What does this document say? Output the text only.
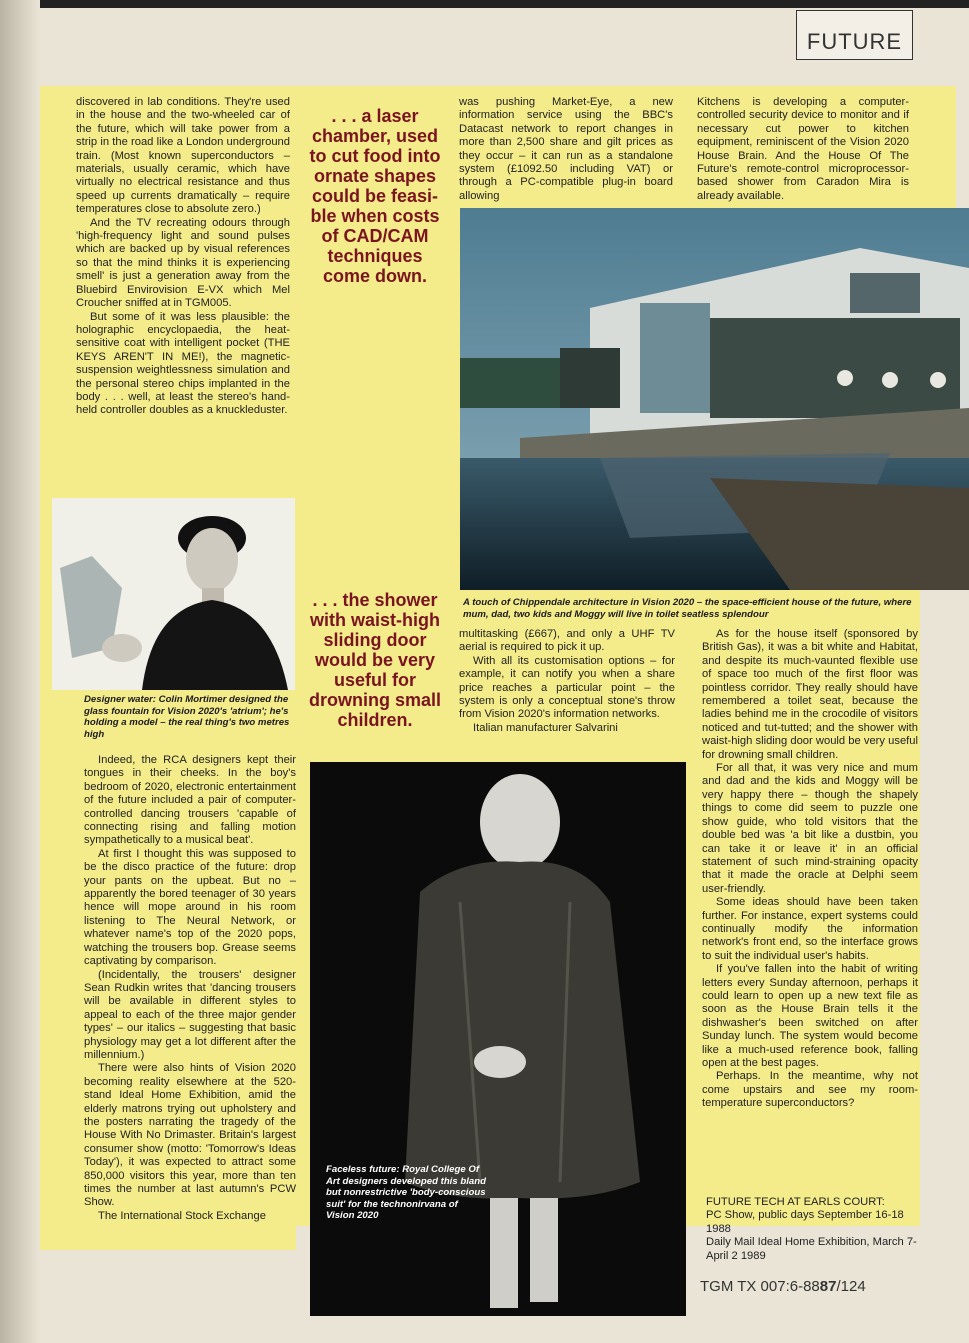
FUTURE

discovered in lab conditions. They're used in the house and the two-wheeled car of the future, which will take power from a strip in the road like a London underground train. (Most known superconductors – materials, usually ceramic, which have virtually no electrical resistance and thus speed up currents dramatically – require temperatures close to absolute zero.)

And the TV recreating odours through 'high-frequency light and sound pulses which are backed up by visual references so that the mind thinks it is experiencing smell' is just a generation away from the Bluebird Envirovision E-VX which Mel Croucher sniffed at in TGM005.

But some of it was less plausible: the holographic encyclopaedia, the heat-sensitive coat with intelligent pocket (THE KEYS AREN'T IN ME!), the magnetic-suspension weightlessness simulation and the personal stereo chips implanted in the body . . . well, at least the stereo's hand-held controller doubles as a knuckleduster.

. . . a laser chamber, used to cut food into ornate shapes could be feasi-ble when costs of CAD/CAM techniques come down.

was pushing Market-Eye, a new information service using the BBC's Datacast network to report changes in more than 2,500 share and gilt prices as they occur – it can run as a standalone system (£1092.50 including VAT) or through a PC-compatible plug-in board allowing

Kitchens is developing a computer-controlled security device to monitor and if necessary cut power to kitchen equipment, reminiscent of the Vision 2020 House Brain. And the House Of The Future's remote-control microprocessor-based shower from Caradon Mira is already available.

A touch of Chippendale architecture in Vision 2020 – the space-efficient house of the future, where mum, dad, two kids and Moggy will live in toilet seatless splendour
Designer water: Colin Mortimer designed the glass fountain for Vision 2020's 'atrium'; he's holding a model – the real thing's two metres high
. . . the shower with waist-high sliding door would be very useful for drowning small children.

multitasking (£667), and only a UHF TV aerial is required to pick it up.

With all its customisation options – for example, it can notify you when a share price reaches a particular point – the system is only a conceptual stone's throw from Vision 2020's information networks.

Italian manufacturer Salvarini

Indeed, the RCA designers kept their tongues in their cheeks. In the boy's bedroom of 2020, electronic entertainment of the future included a pair of computer-controlled dancing trousers 'capable of connecting rising and falling motion sympathetically to a musical beat'.

At first I thought this was supposed to be the disco practice of the future: drop your pants on the upbeat. But no – apparently the bored teenager of 30 years hence will mope around in his room listening to The Neural Network, or whatever name's top of the 2020 pops, watching the trousers bop. Grease seems captivating by comparison.

(Incidentally, the trousers' designer Sean Rudkin writes that 'dancing trousers will be available in different styles to appeal to each of the three major gender types' – our italics – suggesting that basic physiology may get a lot different after the millennium.)

There were also hints of Vision 2020 becoming reality elsewhere at the 520-stand Ideal Home Exhibition, amid the elderly matrons trying out upholstery and the posters narrating the tragedy of the House With No Drimaster. Britain's largest consumer show (motto: 'Tomorrow's Ideas Today'), it was expected to attract some 850,000 visitors this year, more than ten times the number at last autumn's PCW Show.

The International Stock Exchange

Faceless future: Royal College Of Art designers developed this bland but nonrestrictive 'body-conscious suit' for the technonirvana of Vision 2020

As for the house itself (sponsored by British Gas), it was a bit white and Habitat, and despite its much-vaunted flexible use of space too much of the first floor was pointless corridor. They really should have remembered a toilet seat, because the ladies behind me in the crocodile of visitors noticed and tut-tutted; and the shower with waist-high sliding door would be very useful for drowning small children.

For all that, it was very nice and mum and dad and the kids and Moggy will be very happy there – though the shapely things to come did seem to puzzle one show guide, who told visitors that the double bed was 'a bit like a dustbin, you can take it or leave it' in an official statement of such mind-straining opacity that it made the oracle at Delphi seem user-friendly.

Some ideas should have been taken further. For instance, expert systems could continually modify the information network's front end, so the interface grows to suit the individual user's habits.

If you've fallen into the habit of writing letters every Sunday afternoon, perhaps it could learn to open up a new text file as soon as the House Brain tells it the dishwasher's been switched on after Sunday lunch. The system would become like a much-used reference book, falling open at the best pages.

Perhaps. In the meantime, why not come upstairs and see my room-temperature superconductors?

FUTURE TECH AT EARLS COURT:
PC Show, public days September 16-18 1988
Daily Mail Ideal Home Exhibition, March 7-April 2 1989
TGM TX 007:6-8887/124
